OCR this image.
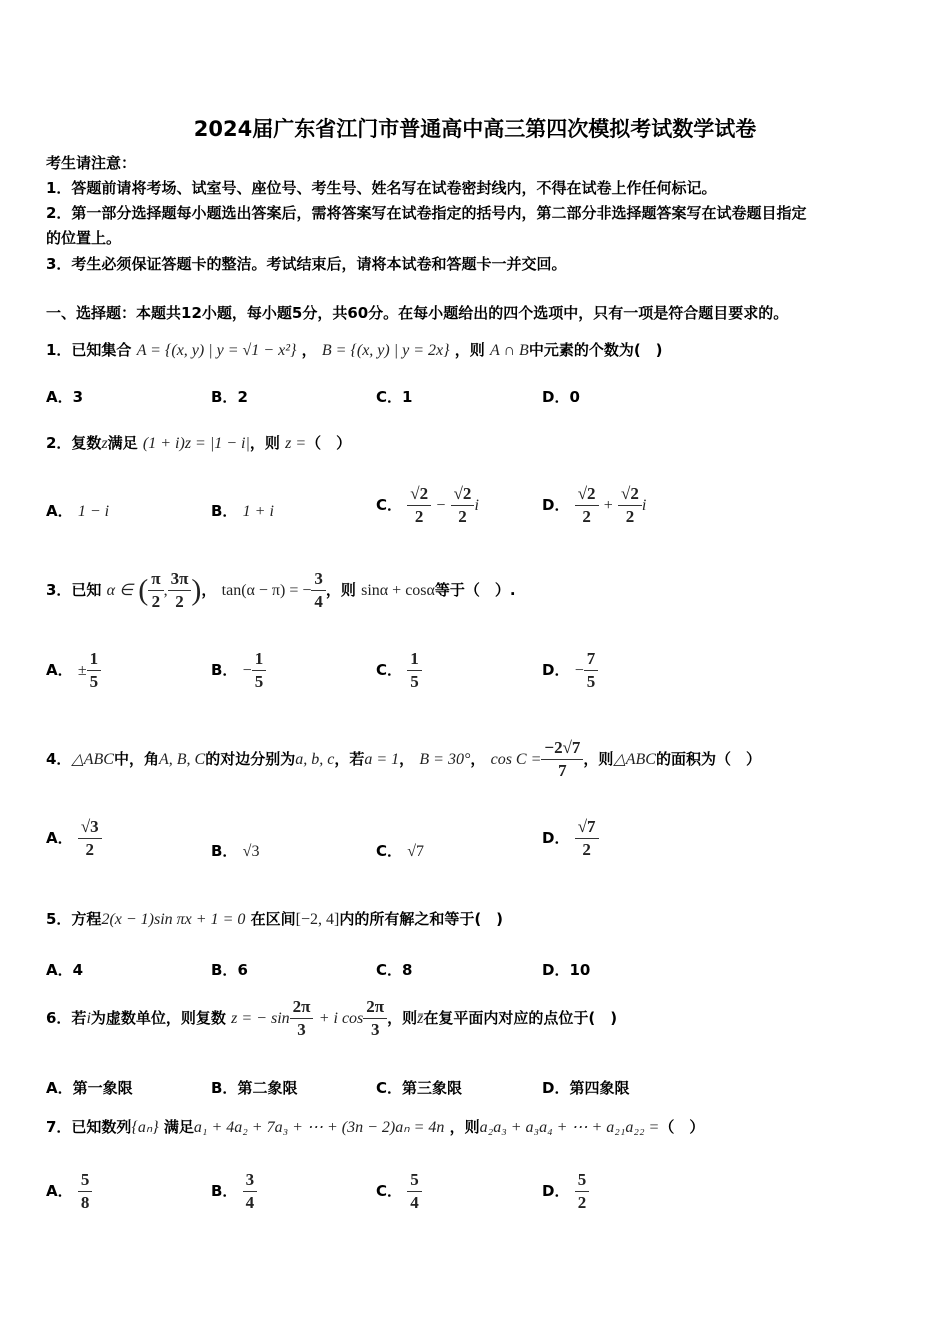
2024届广东省江门市普通高中高三第四次模拟考试数学试卷
考生请注意：
1．答题前请将考场、试室号、座位号、考生号、姓名写在试卷密封线内，不得在试卷上作任何标记。
2．第一部分选择题每小题选出答案后，需将答案写在试卷指定的括号内，第二部分非选择题答案写在试卷题目指定
的位置上。
3．考生必须保证答题卡的整洁。考试结束后，请将本试卷和答题卡一并交回。
一、选择题：本题共12小题，每小题5分，共60分。在每小题给出的四个选项中，只有一项是符合题目要求的。
1．已知集合 A = {(x, y) | y = √1 − x²} ， B = {(x, y) | y = 2x} ，则 A ∩ B中元素的个数为(　)
A．3	B．2	C．1	D．0
2．复数z满足 (1 + i)z = |1 − i|，则 z =（　）
A． 1 − i	B． 1 + i	C． $\frac{√2}{2} - \frac{√2}{2}$ i	D． $\frac{√2}{2} + \frac{√2}{2}$ i
3．已知 α ∈ ( $\frac{\pi}{2}$ , $\frac{3\pi}{2}$ )， tan(α − π) = − $\frac{3}{4}$ ，则 sinα + cosα等于（　）.
A． ± $\frac{1}{5}$	B． − $\frac{1}{5}$	C． $\frac{1}{5}$	D． − $\frac{7}{5}$
4．△ABC中，角A, B, C的对边分别为a, b, c，若a = 1， B = 30°， $\cos C = \frac{-2√7}{7}$ ，则△ABC的面积为（　）
A． $\frac{√3}{2}$	B． √3	C． √7
D． $\frac{√7}{2}$
5．方程2(x − 1)sin πx + 1 = 0 在区间[−2, 4]内的所有解之和等于(　)
A．4	B．6	C．8	D．10
6．若i为虚数单位，则复数 z = − $\sin \frac{2\pi}{3} + i$ $\cos \frac{2\pi}{3}$ ，则z̄在复平面内对应的点位于(　)
A．第一象限	B．第二象限	C．第三象限	D．第四象限
7．已知数列{aₙ} 满足a₁ + 4a₂ + 7a₃ + ⋯ + (3n − 2)aₙ = 4n ，则a₂a₃ + a₃a₄ + ⋯ + a₂₁a₂₂ =（　）
A． $\frac{5}{8}$	B． $\frac{3}{4}$	C． $\frac{5}{4}$	D． $\frac{5}{2}$
